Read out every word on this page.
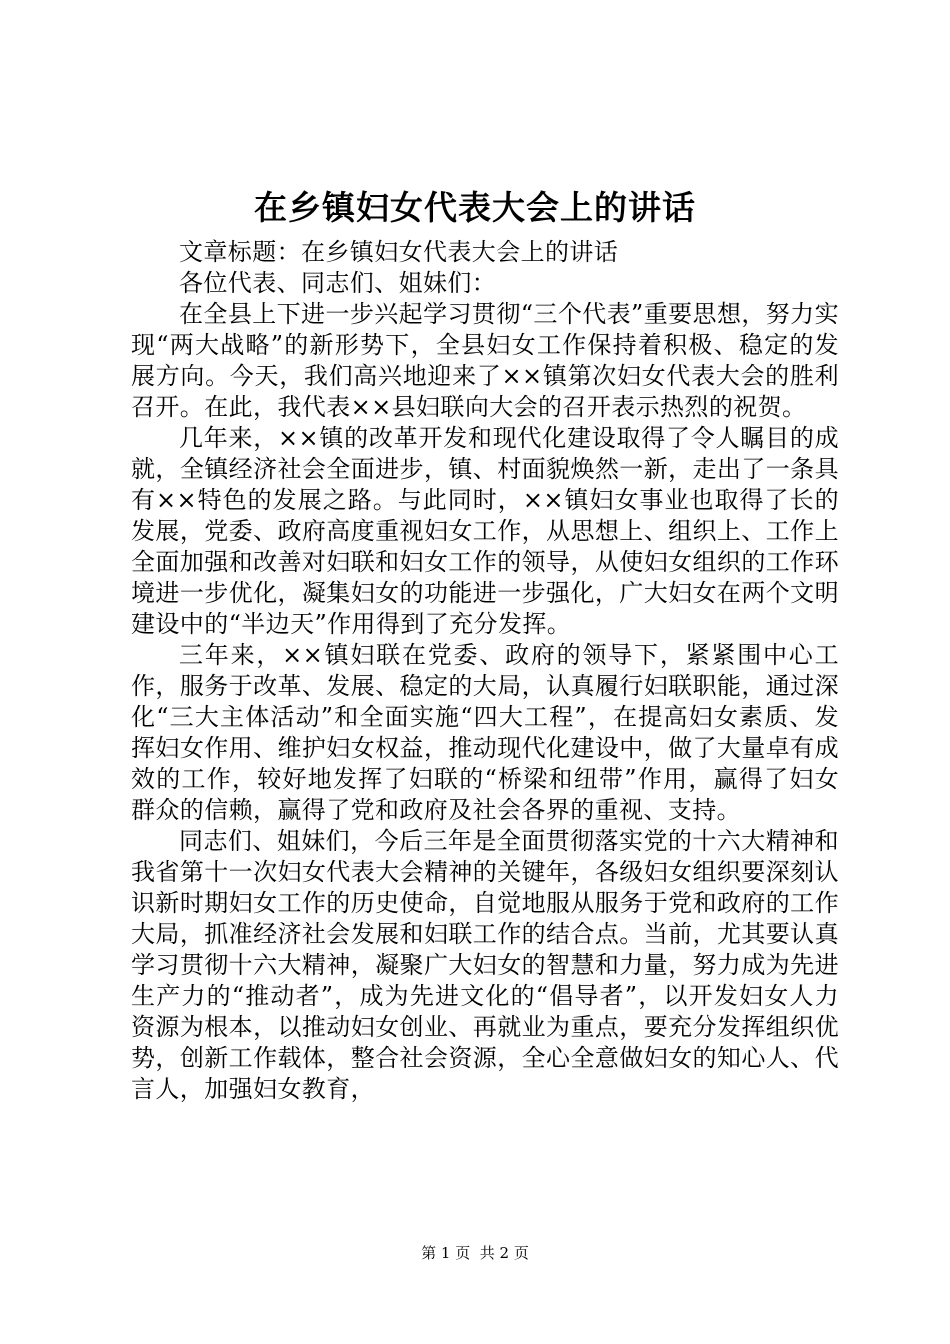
在乡镇妇女代表大会上的讲话

文章标题：在乡镇妇女代表大会上的讲话

各位代表、同志们、姐妹们：

在全县上下进一步兴起学习贯彻“三个代表”重要思想，努力实现“两大战略”的新形势下，全县妇女工作保持着积极、稳定的发展方向。今天，我们高兴地迎来了××镇第次妇女代表大会的胜利召开。在此，我代表××县妇联向大会的召开表示热烈的祝贺。

几年来，××镇的改革开发和现代化建设取得了令人瞩目的成就，全镇经济社会全面进步，镇、村面貌焕然一新，走出了一条具有××特色的发展之路。与此同时，××镇妇女事业也取得了长的发展，党委、政府高度重视妇女工作，从思想上、组织上、工作上全面加强和改善对妇联和妇女工作的领导，从使妇女组织的工作环境进一步优化，凝集妇女的功能进一步强化，广大妇女在两个文明建设中的“半边天”作用得到了充分发挥。

三年来，××镇妇联在党委、政府的领导下，紧紧围中心工作，服务于改革、发展、稳定的大局，认真履行妇联职能，通过深化“三大主体活动”和全面实施“四大工程”，在提高妇女素质、发挥妇女作用、维护妇女权益，推动现代化建设中，做了大量卓有成效的工作，较好地发挥了妇联的“桥梁和纽带”作用，赢得了妇女群众的信赖，赢得了党和政府及社会各界的重视、支持。

同志们、姐妹们，今后三年是全面贯彻落实党的十六大精神和我省第十一次妇女代表大会精神的关键年，各级妇女组织要深刻认识新时期妇女工作的历史使命，自觉地服从服务于党和政府的工作大局，抓准经济社会发展和妇联工作的结合点。当前，尤其要认真学习贯彻十六大精神，凝聚广大妇女的智慧和力量，努力成为先进生产力的“推动者”，成为先进文化的“倡导者”，以开发妇女人力资源为根本，以推动妇女创业、再就业为重点，要充分发挥组织优势，创新工作载体，整合社会资源，全心全意做妇女的知心人、代言人，加强妇女教育，

第 1 页 共 2 页
